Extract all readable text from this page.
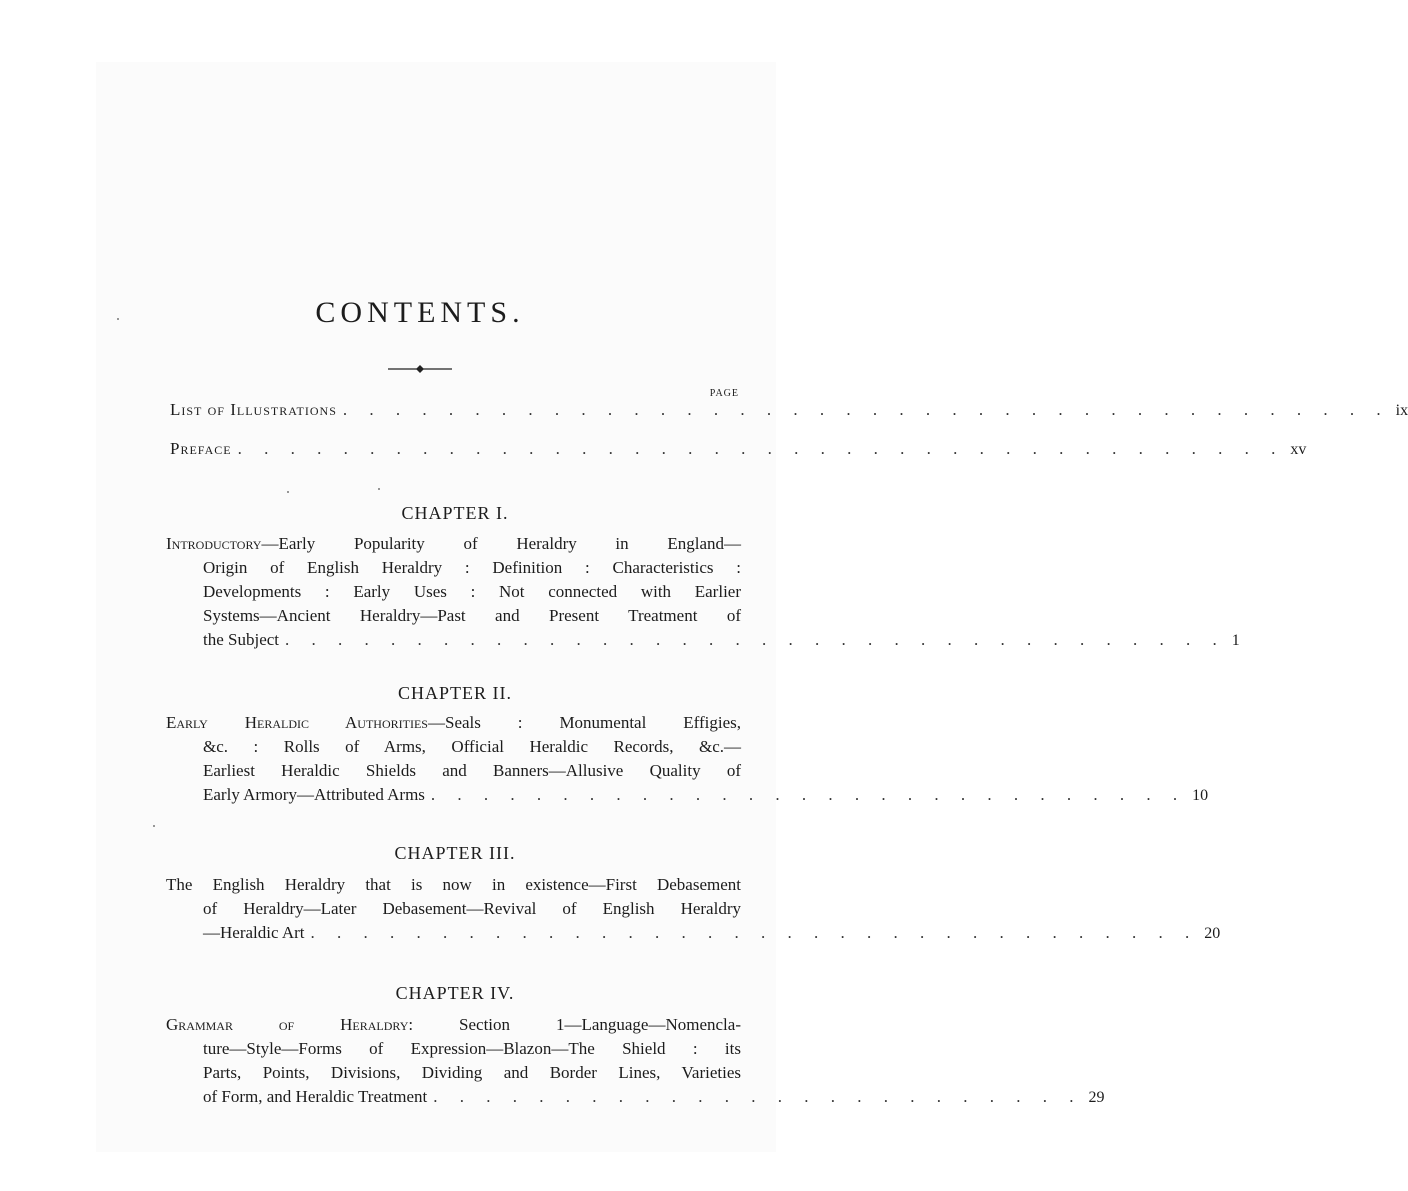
CONTENTS.
PAGE
List of Illustrations . . . . . . . . . . . . . . . . . . . . . . . . . . . . . . . . . . . . . . . . ix
Preface . . . . . . . . . . . . . . . . . . . . . . . . . . . . . . . . . . . . . . . . xv
CHAPTER I.
Introductory—Early Popularity of Heraldry in England—
Origin of English Heraldry : Definition : Characteristics :
Developments : Early Uses : Not connected with Earlier
Systems—Ancient Heraldry—Past and Present Treatment of
the Subject . . . . . . . . . . . . . . . . . . . . . . . . . . . . . . . . . . . . 1
CHAPTER II.
Early Heraldic Authorities—Seals : Monumental Effigies,
&c. : Rolls of Arms, Official Heraldic Records, &c.—
Earliest Heraldic Shields and Banners—Allusive Quality of
Early Armory—Attributed Arms . . . . . . . . . . . . . . . . . . . . . . . . . . . . . 10
CHAPTER III.
The English Heraldry that is now in existence—First Debasement
of Heraldry—Later Debasement—Revival of English Heraldry
—Heraldic Art . . . . . . . . . . . . . . . . . . . . . . . . . . . . . . . . . . 20
CHAPTER IV.
Grammar of Heraldry: Section 1—Language—Nomencla-
ture—Style—Forms of Expression—Blazon—The Shield : its
Parts, Points, Divisions, Dividing and Border Lines, Varieties
of Form, and Heraldic Treatment . . . . . . . . . . . . . . . . . . . . . . . . . 29
